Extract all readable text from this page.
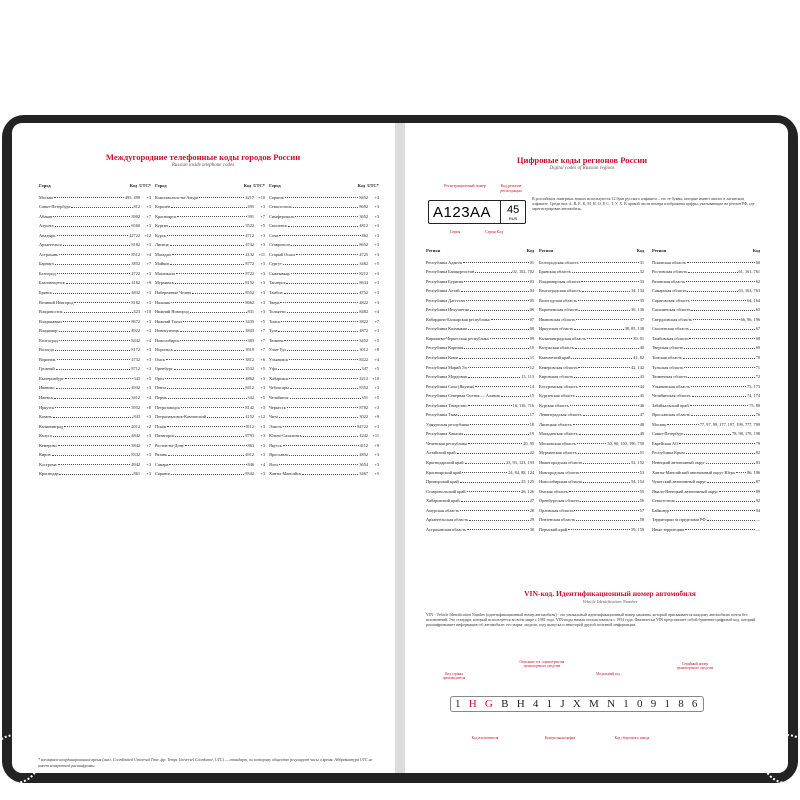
Междугородние телефонные коды городов России
Russian inside telephone codes
Город	Код UTC*
Москва	495, 499	+3
Санкт-Петербург	812	+3
Абакан	3902	+7
Алушта	6560	+3
Анадырь	42722 +12
Архангельск	8182	+3
Астрахань	8512	+4
Барнаул	3852	+7
Белгород	4722	+3
Благовещенск	4162	+9
Брянск	4832	+3
Великий Новгород	8162	+3
Владивосток	423 +10
Владикавказ	8672	+3
Владимир	4922	+3
Волгоград	8442	+4
Вологда	8172	+3
Воронеж	4732	+3
Грозный	8712	+3
Екатеринбург	343	+5
Иваново	4932	+3
Ижевск	3412	+4
Иркутск	3952	+8
Казань	843	+3
Калининград	4012	+2
Калуга	4842	+3
Кемерово	3842	+7
Киров	8332	+3
Кострома	4942	+3
Краснодар	861	+3
Город	Код UTC*
Комсомольск-на-Амуре	4217 +10
Королёв	495	+3
Красноярск	391	+7
Курган	3522	+5
Курск	4712	+3
Липецк	4742	+3
Магадан	4132	+11
Майкоп	8772	+3
Махачкала	8722	+3
Мурманск	8152	+3
Набережные Челны	8552	+3
Нальчик	8662	+3
Нижний Новгород	831	+3
Нижний Тагил	3435	+5
Новокузнецк	3843	+7
Новосибирск	383	+7
Норильск	3919	+7
Омск	3812	+6
Оренбург	3532	+5
Орёл	4862	+3
Пенза	8412	+3
Пермь	342	+5
Петрозаводск	8142	+3
Петропавловск-Камчатский	4152 +12
Псков	8112	+3
Пятигорск	8793	+3
Ростов-на-Дону	863	+3
Рязань	4912	+3
Самара	846	+4
Саранск	8342	+3
Город	Код UTC*
Саратов	8452	+4
Севастополь	8692	+3
Симферополь	3652	+3
Смоленск	4812	+3
Сочи	862	+3
Ставрополь	8652	+3
Старый Оскол	4725	+3
Сургут	3462	+5
Сыктывкар	8212	+3
Таганрог	8634	+3
Тамбов	4752	+3
Тверь	4822	+3
Тольятти	8482	+4
Томск	3822	+7
Тула	4872	+3
Тюмень	3452	+5
Улан-Удэ	3012	+8
Ульяновск	8422	+4
Уфа	347	+5
Хабаровск	4212 +10
Чебоксары	8352	+3
Челябинск	351	+5
Черкесск	8782	+3
Чита	3022	+9
Элиста	84722	+3
Южно-Сахалинск	4242	+11
Якутск	4112	+9
Ярославль	4852	+3
Ялта	3654	+3
Ханты-Мансийск	3467	+5
* всемирное координированное время (англ. Coordinated Universal Time, фр. Temps Universel Coordonné, UTC) — стандарт, по которому общество регулирует часы и время. Аббревиатура UTC не имеет конкретной расшифровки.
Цифровые коды регионов России
Digital codes of Russian regions
Регистрационный номер	Код региона регистрации
А123АА	45
RUS
Серия	Серия Код
В российских номерных знаках используются 12 букв русского алфавита – это те буквы, которые имеют аналог в латинском алфавите. Среди них А, В, Е, К, М, Н, О, Р, С, Т, У, Х. В правой части номера изображены цифры, указывающие на регион РФ, где зарегистрирован автомобиль.
Регион	Код
Республика Адыгея	01
Республика Башкортостан	02, 102, 702
Республика Бурятия	03
Республика Алтай	04
Республика Дагестан	05
Республика Ингушетия	06
Кабардино-Балкарская республика	07
Республика Калмыкия	08
Карачаево-Черкесская республика	09
Республика Карелия	10
Республика Коми	11
Республика Марий Эл	12
Республика Мордовия	13, 113
Республика Саха (Якутия)	14
Республика Северная Осетия — Алания	15
Республика Татарстан	16, 116, 716
Республика Тыва	17
Удмуртская республика	18
Республика Хакасия	19
Чеченская республика	20, 95
Алтайский край	22
Краснодарский край	23, 93, 123, 193
Красноярский край	24, 84, 88, 124
Приморский край	25, 125
Ставропольский край	26, 126
Хабаровский край	27
Амурская область	28
Архангельская область	29
Астраханская область	30
Регион	Код
Белгородская область	31
Брянская область	32
Владимирская область	33
Волгоградская область	34, 134
Вологодская область	35
Воронежская область	36, 136
Ивановская область	37
Иркутская область	38, 85, 138
Калининградская область	39, 91
Калужская область	40
Камчатский край	41, 82
Кемеровская область	42, 142
Кировская область	43
Костромская область	44
Курганская область	45
Курская область	46
Ленинградская область	47
Липецкая область	48
Магаданская область	49
Московская область	50, 90, 150, 190, 750
Мурманская область	51
Нижегородская область	52, 152
Новгородская область	53
Новосибирская область	54, 154
Омская область	55
Оренбургская область	56
Орловская область	57
Пензенская область	58
Пермский край	59, 159
Регион	Код
Псковская область	60
Ростовская область	61, 161, 761
Рязанская область	62
Самарская область	63, 163, 763
Саратовская область	64, 164
Сахалинская область	65
Свердловская область	66, 96, 196
Смоленская область	67
Тамбовская область	68
Тверская область	69
Томская область	70
Тульская область	71
Тюменская область	72
Ульяновская область	73, 173
Челябинская область	74, 174
Забайкальский край	75, 80
Ярославская область	76
Москва	77, 97, 99, 177, 197, 199, 777, 799
Санкт-Петербург	78, 98, 178, 198
Еврейская АО	79
Республика Крым	82
Ненецкий автономный округ	83
Ханты-Мансийский автономный округ Югра	86, 186
Чукотский автономный округ	87
Ямало-Ненецкий автономный округ	89
Севастополь	92
Байконур	94
Территории за пределами РФ	—
Иные территории	—
VIN-код. Идентификационный номер автомобиля
Vehicle Identification Number
VIN - Vehicle Identification Number (идентификационный номер автомобиля) - это уникальный идентификационный номер машины, который присваивается каждому автомобилю почти без исключений. Это стандарт, который используется во всем мире с 1981 года. VIN-коды начали использоваться с 1954 года. Фактически VIN представляет собой буквенно-цифровой код, который расшифровывает информацию об автомобиле: его марке, модели, году выпуска и некоторой другой полезной информации.
Код страны производителя
Описание тех. характеристик транспортного средства
Модельный год
Серийный номер транспортного средства
1 H G B H 4 1 J X M N 1 0 9 1 8 6
Код изготовителя	Контрольная цифра	Код сборочного завода
